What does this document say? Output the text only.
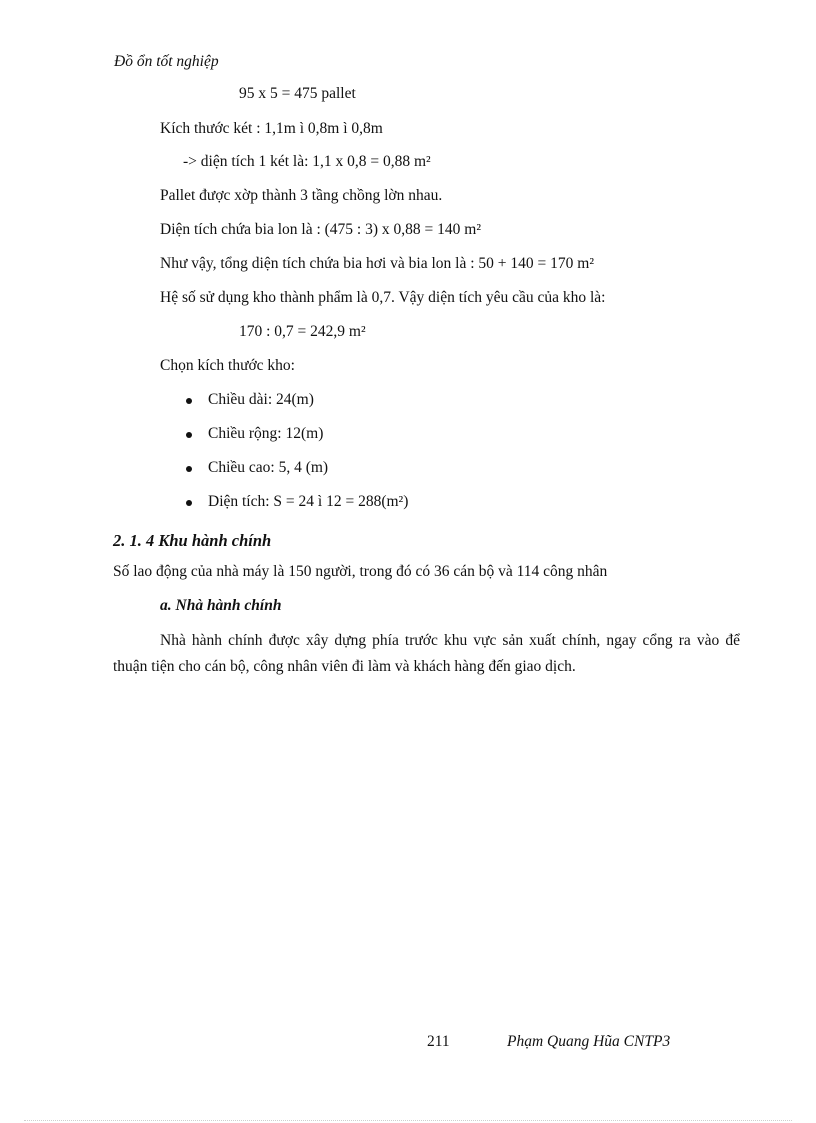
Đồ ổn tốt nghiệp
95 x 5 = 475 pallet
Kích thước két : 1,1m ì 0,8m ì 0,8m
-> diện tích 1 két là: 1,1 x 0,8 = 0,88 m²
Pallet được xờp thành 3 tầng chồng lờn nhau.
Diện tích chứa bia lon là : (475 : 3) x 0,88 = 140 m²
Như vậy, tổng diện tích chứa bia hơi và bia lon là : 50 + 140 = 170 m²
Hệ số sử dụng kho thành phẩm là 0,7. Vậy diện tích yêu cầu của kho là:
170 : 0,7 = 242,9 m²
Chọn kích thước kho:
Chiều dài: 24(m)
Chiều rộng: 12(m)
Chiều cao: 5, 4 (m)
Diện tích: S = 24 ì 12 = 288(m²)
2. 1. 4 Khu hành chính
Số lao động của nhà máy là 150 người, trong đó có 36 cán bộ và 114 công nhân
a. Nhà hành chính
Nhà hành chính được xây dựng phía trước khu vực sản xuất chính, ngay cổng ra vào để thuận tiện cho cán bộ, công nhân viên đi làm và khách hàng đến giao dịch.
211	Phạm Quang Hũa CNTP3
